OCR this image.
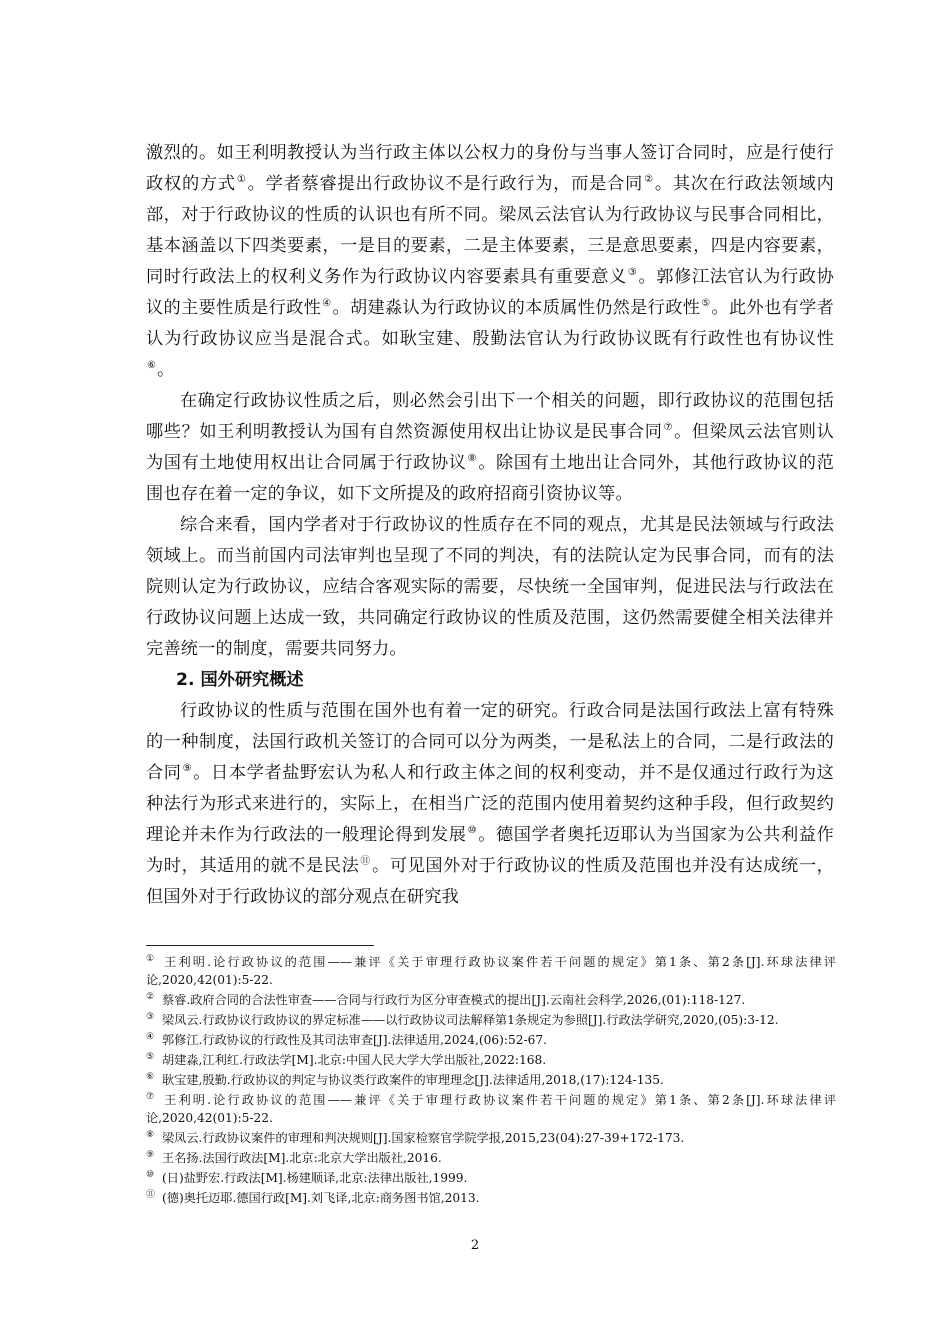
激烈的。如王利明教授认为当行政主体以公权力的身份与当事人签订合同时，应是行使行政权的方式①。学者蔡睿提出行政协议不是行政行为，而是合同②。其次在行政法领域内部，对于行政协议的性质的认识也有所不同。梁凤云法官认为行政协议与民事合同相比，基本涵盖以下四类要素，一是目的要素，二是主体要素，三是意思要素，四是内容要素，同时行政法上的权利义务作为行政协议内容要素具有重要意义③。郭修江法官认为行政协议的主要性质是行政性④。胡建淼认为行政协议的本质属性仍然是行政性⑤。此外也有学者认为行政协议应当是混合式。如耿宝建、殷勤法官认为行政协议既有行政性也有协议性⑥。

在确定行政协议性质之后，则必然会引出下一个相关的问题，即行政协议的范围包括哪些？如王利明教授认为国有自然资源使用权出让协议是民事合同⑦。但梁凤云法官则认为国有土地使用权出让合同属于行政协议⑧。除国有土地出让合同外，其他行政协议的范围也存在着一定的争议，如下文所提及的政府招商引资协议等。

综合来看，国内学者对于行政协议的性质存在不同的观点，尤其是民法领域与行政法领域上。而当前国内司法审判也呈现了不同的判决，有的法院认定为民事合同，而有的法院则认定为行政协议，应结合客观实际的需要，尽快统一全国审判，促进民法与行政法在行政协议问题上达成一致，共同确定行政协议的性质及范围，这仍然需要健全相关法律并完善统一的制度，需要共同努力。

2. 国外研究概述

行政协议的性质与范围在国外也有着一定的研究。行政合同是法国行政法上富有特殊的一种制度，法国行政机关签订的合同可以分为两类，一是私法上的合同，二是行政法的合同⑨。日本学者盐野宏认为私人和行政主体之间的权利变动，并不是仅通过行政行为这种法行为形式来进行的，实际上，在相当广泛的范围内使用着契约这种手段，但行政契约理论并未作为行政法的一般理论得到发展⑩。德国学者奥托迈耶认为当国家为公共利益作为时，其适用的就不是民法⑪。可见国外对于行政协议的性质及范围也并没有达成统一，但国外对于行政协议的部分观点在研究我

① 王利明.论行政协议的范围——兼评《关于审理行政协议案件若干问题的规定》第1条、第2条[J].环球法律评论,2020,42(01):5-22.

② 蔡睿.政府合同的合法性审查——合同与行政行为区分审查模式的提出[J].云南社会科学,2026,(01):118-127.

③ 梁凤云.行政协议行政协议的界定标准——以行政协议司法解释第1条规定为参照[J].行政法学研究,2020,(05):3-12.

④ 郭修江.行政协议的行政性及其司法审查[J].法律适用,2024,(06):52-67.

⑤ 胡建淼,江利红.行政法学[M].北京:中国人民大学大学出版社,2022:168.

⑥ 耿宝建,殷勤.行政协议的判定与协议类行政案件的审理理念[J].法律适用,2018,(17):124-135.

⑦ 王利明.论行政协议的范围——兼评《关于审理行政协议案件若干问题的规定》第1条、第2条[J].环球法律评论,2020,42(01):5-22.

⑧ 梁凤云.行政协议案件的审理和判决规则[J].国家检察官学院学报,2015,23(04):27-39+172-173.

⑨ 王名扬.法国行政法[M].北京:北京大学出版社,2016.

⑩ (日)盐野宏.行政法[M].杨建顺译,北京:法律出版社,1999.

⑪ (德)奥托迈耶.德国行政[M].刘飞译,北京:商务图书馆,2013.

2
